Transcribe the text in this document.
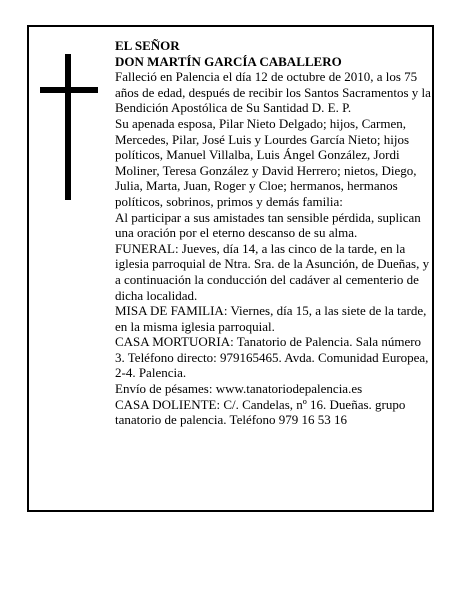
EL SEÑOR

DON MARTÍN GARCÍA CABALLERO

Falleció en Palencia el día 12 de octubre de 2010, a los 75 años de edad, después de recibir los Santos Sacramentos y la Bendición Apostólica de Su Santidad D. E. P.

Su apenada esposa, Pilar Nieto Delgado; hijos, Carmen, Mercedes, Pilar, José Luis y Lourdes García Nieto; hijos políticos, Manuel Villalba, Luis Ángel González, Jordi Moliner, Teresa González y David Herrero; nietos, Diego, Julia, Marta, Juan, Roger y Cloe; hermanos, hermanos políticos, sobrinos, primos y demás familia:

Al participar a sus amistades tan sensible pérdida, suplican una oración por el eterno descanso de su alma.

FUNERAL: Jueves, día 14, a las cinco de la tarde, en la iglesia parroquial de Ntra. Sra. de la Asunción, de Dueñas, y a continuación la conducción del cadáver al cementerio de dicha localidad.

MISA DE FAMILIA: Viernes, día 15, a las siete de la tarde, en la misma iglesia parroquial.

CASA MORTUORIA: Tanatorio de Palencia. Sala número 3. Teléfono directo: 979165465. Avda. Comunidad Europea, 2-4. Palencia.

Envío de pésames: www.tanatoriodepalencia.es

CASA DOLIENTE: C/. Candelas, nº 16. Dueñas. grupo tanatorio de palencia. Teléfono 979 16 53 16
